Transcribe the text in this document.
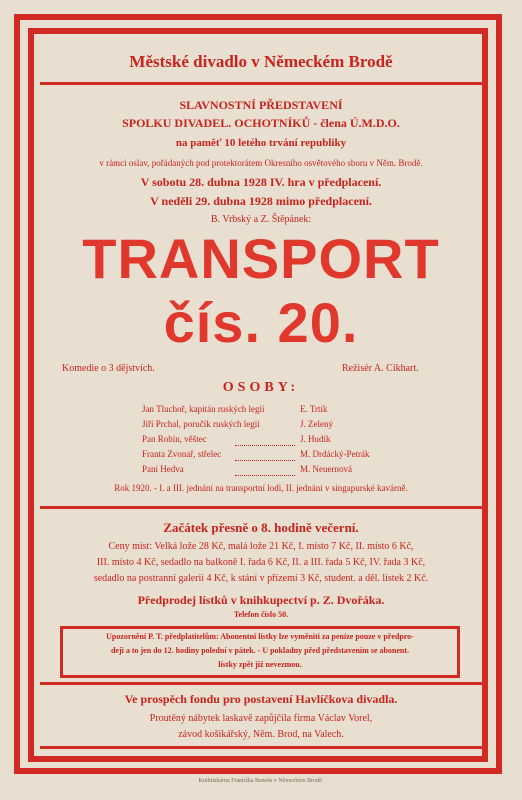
Městské divadlo v Německém Brodě
SLAVNOSTNÍ PŘEDSTAVENÍ
SPOLKU DIVADEL. OCHOTNÍKŮ - člena Ú.M.D.O.
na paměť 10 letého trvání republiky
v rámci oslav, pořádaných pod protektorátem Okresního osvětového sboru v Něm. Brodě.
V sobotu 28. dubna 1928 IV. hra v předplacení.
V neděli 29. dubna 1928 mimo předplacení.
B. Vrbský a Z. Štěpánek:
TRANSPORT
čís. 20.
Komedie o 3 dějstvích.	Režisér A. Cikhart.
OSOBY:
Jan Tluchoř, kapitán ruských legií	E. Trtík
Jiří Prchal, poručík ruských legií	J. Zelený
Pan Robin, věštec	J. Hudík
Franta Zvonař, střelec	M. Drdácký-Petrák
Paní Hedva	M. Neuernová
Rok 1920. - I. a III. jednání na transportní lodi, II. jednání v singapurské kavárně.
Začátek přesně o 8. hodině večerní.
Ceny míst: Velká lože 28 Kč, malá lože 21 Kč, I. místo 7 Kč, II. místo 6 Kč,
III. místo 4 Kč, sedadlo na balkoně I. řada 6 Kč, II. a III. řada 5 Kč, IV. řada 3 Kč,
sedadlo na postranní galerii 4 Kč, k stání v přízemí 3 Kč, student. a děl. lístek 2 Kč.
Předprodej lístků v knihkupectví p. Z. Dvořáka.
Telefon číslo 50.
Upozornění P. T. předplatitelům: Abonentní lístky lze vyměniti za peníze pouze v předpro-
deji a to jen do 12. hodiny polední v pátek. - U pokladny před představením se abonent.
lístky zpět již nevezmou.
Ve prospěch fondu pro postavení Havlíčkova divadla.
Proutěný nábytek laskavě zapůjčila firma Václav Vorel,
závod košikářský, Něm. Brod, na Valech.
Knihtiskárna Františka Beneše v Německém Brodě.
